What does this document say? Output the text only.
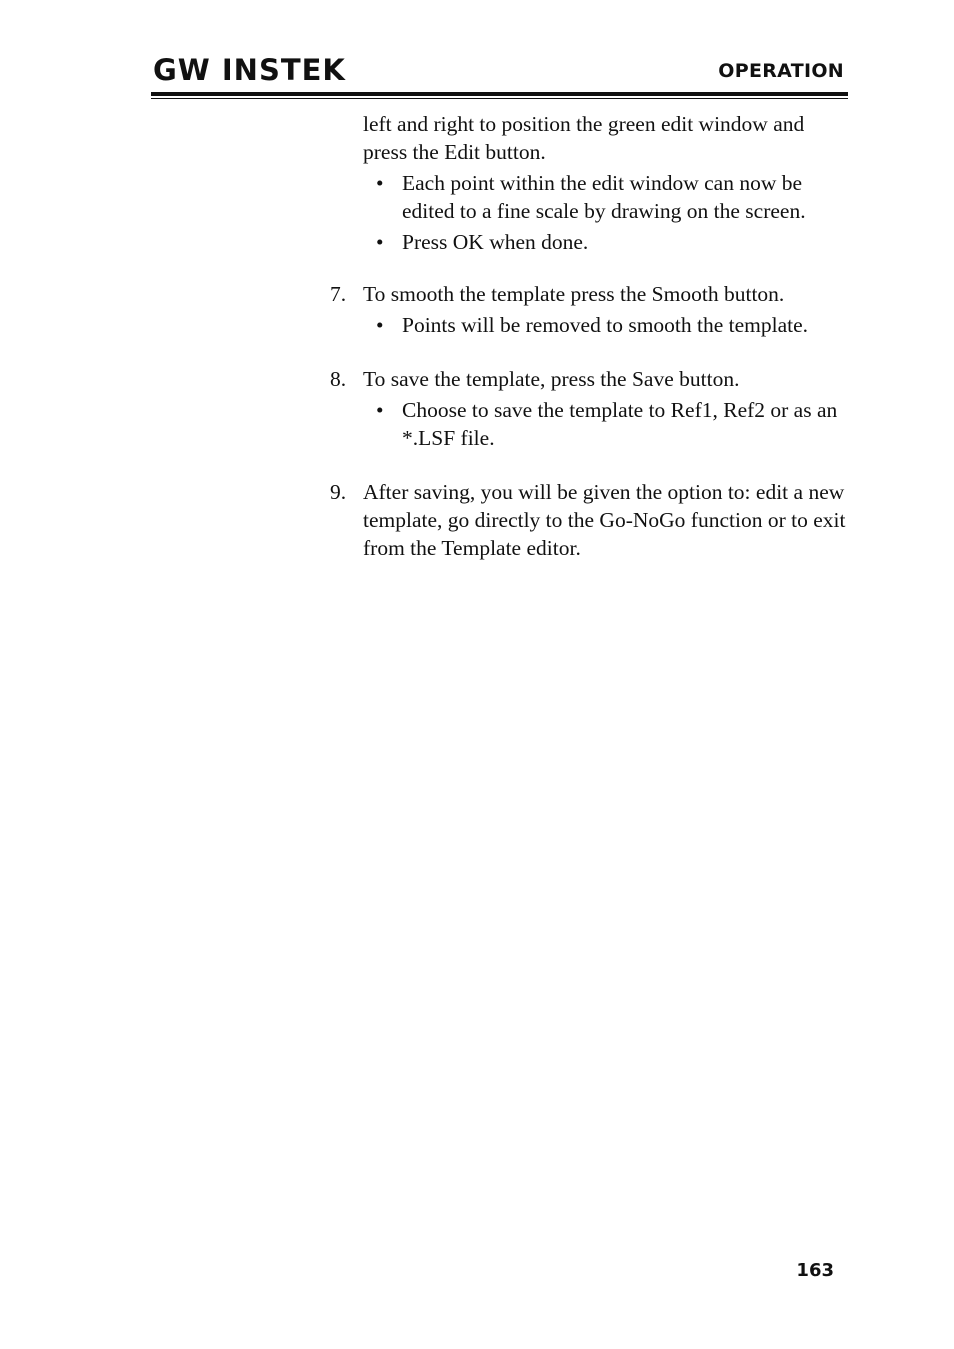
GW INSTEK	OPERATION

left and right to position the green edit window and press the Edit button.

• Each point within the edit window can now be edited to a fine scale by drawing on the screen.
• Press OK when done.
7. To smooth the template press the Smooth button.

• Points will be removed to smooth the template.
8. To save the template, press the Save button.

• Choose to save the template to Ref1, Ref2 or as an *.LSF file.
9. After saving, you will be given the option to: edit a new template, go directly to the Go-NoGo function or to exit from the Template editor.

163
